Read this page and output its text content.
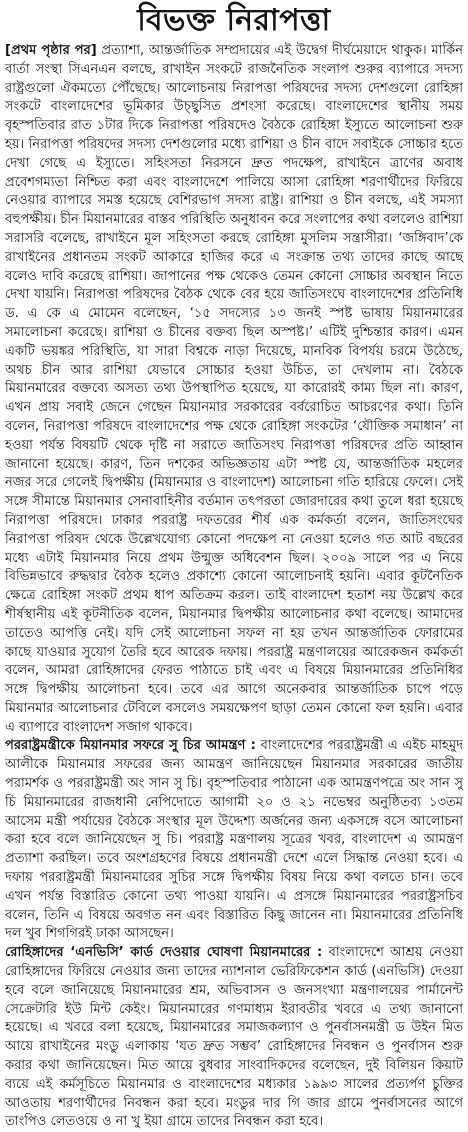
বিভক্ত নিরাপত্তা

[প্রথম পৃষ্ঠার পর] প্রত্যাশা, আন্তর্জাতিক সম্প্রদায়ের এই উদ্বেগ দীর্ঘমেয়াদে থাকুক। মার্কিন বার্তা সংস্থা সিএনএন বলছে, রাখাইন সংকটে রাজনৈতিক সংলাপ শুরুর ব্যাপারে সদস্য রাষ্ট্রগুলো ঐকমত্যে পৌঁছেছে। আলোচনায় নিরাপত্তা পরিষদের সদস্য দেশগুলো রোহিঙ্গা সংকটে বাংলাদেশের ভূমিকার উচ্ছ্বসিত প্রশংসা করেছে। বাংলাদেশের স্থানীয় সময় বৃহস্পতিবার রাত ১টার দিকে নিরাপত্তা পরিষদেও বৈঠকে রোহিঙ্গা ইস্যুতে আলোচনা শুরু হয়। নিরাপত্তা পরিষদের সদস্য দেশগুলোর মধ্যে রাশিয়া ও চীন বাদে সবাইকে সোচ্চার হতে দেখা গেছে এ ইস্যুতে। সহিংসতা নিরসনে দ্রুত পদক্ষেপ, রাখাইনে ত্রাণের অবাধ প্রবেশগম্যতা নিশ্চিত করা এবং বাংলাদেশে পালিয়ে আসা রোহিঙ্গা শরণার্থীদের ফিরিয়ে নেওয়ার ব্যাপারে সমস্ত হয়েছে বেশিরভাগ সদস্য রাষ্ট্র। রাশিয়া ও চীন বলছে, এই সমস্যা বহুপক্ষীয়। চীন মিয়ানমারের বাস্তব পরিস্থিতি অনুধাবন করে সংলাপের কথা বললেও রাশিয়া সরাসরি বলেছে, রাখাইনে মূল সহিংসতা করছে রোহিঙ্গা মুসলিম সন্ত্রাসীরা। ‘জঙ্গিবাদ’কে রাখাইনের প্রধানতম সংকট আকারে হাজির করে এ সংক্রান্ত তথ্য তাদের কাছে আছে বলেও দাবি করেছে রাশিয়া। জাপানের পক্ষ থেকেও তেমন কোনো সোচ্চার অবস্থান নিতে দেখা যায়নি। নিরাপত্তা পরিষদের বৈঠক থেকে বের হয়ে জাতিসংঘে বাংলাদেশের প্রতিনিধি ড. এ কে এ মোমেন বলেছেন, ‘১৫ সদস্যের ১৩ জনই স্পষ্ট ভাষায় মিয়ানমারের সমালোচনা করেছে। রাশিয়া ও চীনের বক্তব্য ছিল অস্পষ্ট।’ এটিই দুশ্চিন্তার কারণ। এমন একটি ভয়ঙ্কর পরিস্থিতি, যা সারা বিশ্বকে নাড়া দিয়েছে, মানবিক বিপর্যয় চরমে উঠেছে, অথচ চীন আর রাশিয়া যেভাবে সোচ্চার হওয়া উচিত, তা দেখলাম না। বৈঠকে মিয়ানমারের বক্তব্যে অসত্য তথ্য উপস্থাপিত হয়েছে, যা কারোরই কাম্য ছিল না। কারণ, এখন প্রায় সবাই জেনে গেছেন মিয়ানমার সরকারের বর্বরোচিত আচরণের কথা। তিনি বলেন, নিরাপত্তা পরিষদে বাংলাদেশের পক্ষ থেকে রোহিঙ্গা সংকটের ‘যৌক্তিক সমাধান’ না হওয়া পর্যন্ত বিষয়টি থেকে দৃষ্টি না সরাতে জাতিসংঘ নিরাপত্তা পরিষদের প্রতি আহ্বান জানানো হয়েছে। কারণ, তিন দশকের অভিজ্ঞতায় এটা স্পষ্ট যে, আন্তর্জাতিক মহলের নজর সরে গেলেই দ্বিপক্ষীয় (মিয়ানমার ও বাংলাদেশ) আলোচনা গতি হারিয়ে ফেলে। সেই সঙ্গে সীমান্তে মিয়ানমার সেনাবাহিনীর বর্তমান তৎপরতা জোরদারের কথা তুলে ধরা হয়েছে নিরাপত্তা পরিষদে। ঢাকার পররাষ্ট্র দফতরের শীর্ষ এক কর্মকর্তা বলেন, জাতিসংঘের নিরাপত্তা পরিষদ থেকে উল্লেখযোগ্য কোনো পদক্ষেপ না নেওয়া হলেও গত আট বছরের মধ্যে এটাই মিয়ানমার নিয়ে প্রথম উন্মুক্ত অধিবেশন ছিল। ২০০৯ সালে পর এ নিয়ে বিভিন্নভাবে রুদ্ধদ্বার বৈঠক হলেও প্রকাশ্যে কোনো আলোচনাই হয়নি। এবার কূটনৈতিক ক্ষেত্রে রোহিঙ্গা সংকট প্রথম ধাপ অতিক্রম করল। তাই বাংলাদেশ হতাশ নয় উল্লেখ করে শীর্ষস্থানীয় এই কূটনীতিক বলেন, মিয়ানমার দ্বিপক্ষীয় আলোচনার কথা বলেছে। আমাদের তাতেও আপত্তি নেই। যদি সেই আলোচনা সফল না হয় তখন আন্তর্জাতিক ফোরামের কাছে যাওয়ার সুযোগ তৈরি হবে আরেক দফায়। পররাষ্ট্র মন্ত্রণালয়ের আরেকজন কর্মকর্তা বলেন, আমরা রোহিঙ্গাদের ফেরত পাঠাতে চাই এবং এ বিষয়ে মিয়ানমারের প্রতিনিধির সঙ্গে দ্বিপক্ষীয় আলোচনা হবে। তবে এর আগে অনেকবার আন্তর্জাতিক চাপে পড়ে মিয়ানমার আলোচনার টেবিলে বসলেও সময়ক্ষেপণ ছাড়া তেমন কোনো ফল হয়নি। এবার এ ব্যাপারে বাংলাদেশ সজাগ থাকবে।

পররাষ্ট্রমন্ত্রীকে মিয়ানমার সফরে সু চির আমন্ত্রণ : বাংলাদেশের পররাষ্ট্রমন্ত্রী এ এইচ মাহমুদ আলীকে মিয়ানমার সফরের জন্য আমন্ত্রণ জানিয়েছেন মিয়ানমার সরকারের জাতীয় পরামর্শক ও পররাষ্ট্রমন্ত্রী অং সান সু চি। বৃহস্পতিবার পাঠানো এক আমন্ত্রণপত্রে অং সান সু চি মিয়ানমারের রাজধানী নেপিদোতে আগামী ২০ ও ২১ নভেম্বর অনুষ্ঠিতব্য ১৩তম আসেম মন্ত্রী পর্যায়ের বৈঠকে সংস্থার মূল উদ্দেশ্য অর্জনের জন্য একসঙ্গে বসে আলোচনা করা হবে বলে জানিয়েছেন সু চি। পররাষ্ট্র মন্ত্রণালয় সূত্রের খবর, বাংলাদেশ এ আমন্ত্রণ প্রত্যাশা করছিল। তবে অংশগ্রহণের বিষয়ে প্রধানমন্ত্রী দেশে এলে সিদ্ধান্ত নেওয়া হবে। এ দফায় পররাষ্ট্রমন্ত্রী মিয়ানমারের সুচির সঙ্গে দ্বিপক্ষীয় বিষয় নিয়ে কথা বলতে চান। তবে এখন পর্যন্ত বিস্তারিত কোনো তথ্য পাওয়া যায়নি। এ প্রসঙ্গে মিয়ানমারের পররাষ্ট্রসচিব বলেন, তিনি এ বিষয়ে অবগত নন এবং বিস্তারিত কিছু জানেন না। মিয়ানমারের প্রতিনিধি দল খুব শিগগিরই ঢাকা আসছেন।

রোহিঙ্গাদের ‘এনভিসি’ কার্ড দেওয়ার ঘোষণা মিয়ানমারের : বাংলাদেশে আশ্রয় নেওয়া রোহিঙ্গাদের ফিরিয়ে নেওয়ার জন্য তাদের ন্যাশনাল ভেরিফিকেশন কার্ড (এনভিসি) দেওয়া হবে বলে জানিয়েছে মিয়ানমারের শ্রম, অভিবাসন ও জনসংখ্যা মন্ত্রণালয়ের পার্মানেন্ট সেক্রেটারি ইউ মিন্ট কেইং। মিয়ানমারের গণমাধ্যম ইরাবতীর খবরে এ তথ্য জানানো হয়েছে। এ খবরে বলা হয়েছে, মিয়ানমারের সমাজকল্যাণ ও পুনর্বাসনমন্ত্রী ড উইন মিত আয়ে রাখাইনের মংডু এলাকায় ‘যত দ্রুত সম্ভব’ রোহিঙ্গাদের নিবন্ধন ও পুনর্বাসন শুরু করার কথা জানিয়েছেন। মিত আয়ে বুধবার সাংবাদিকদের বলেছেন, দুই বিলিয়ন কিয়াট ব্যয়ে এই কর্মসূচিতে মিয়ানমার ও বাংলাদেশের মধ্যকার ১৯৯৩ সালের প্রত্যর্পণ চুক্তির আওতায় শরণার্থীদের নিবন্ধন করা হবে। মংডুর দার গি জার গ্রামে পুনর্বাসনের আগে তাংপিও লেতওয়ে ও না খু ইয়া গ্রামে তাদের নিবন্ধন করা হবে।
